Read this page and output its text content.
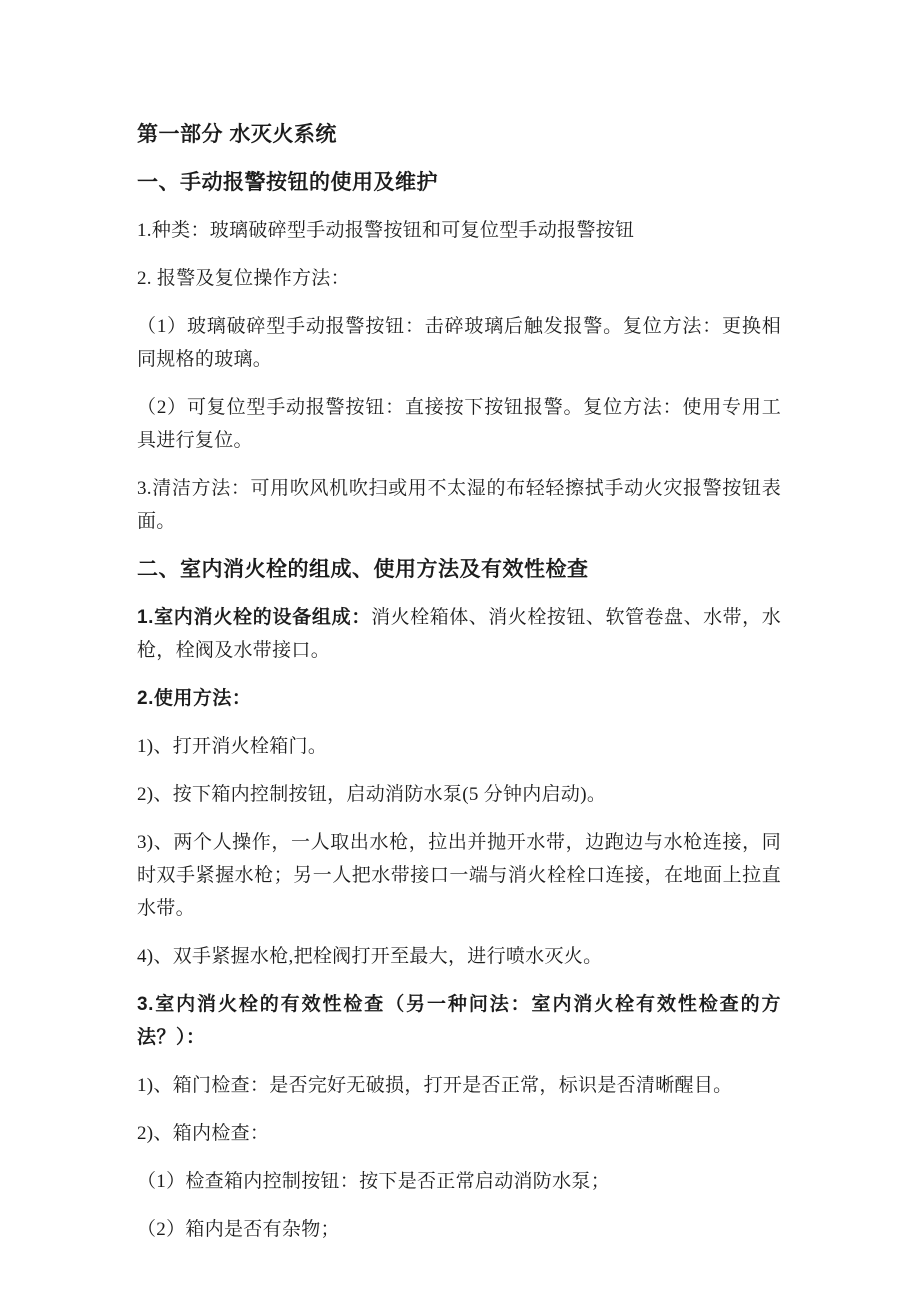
第一部分 水灭火系统
一、手动报警按钮的使用及维护
1.种类：玻璃破碎型手动报警按钮和可复位型手动报警按钮
2. 报警及复位操作方法：
（1）玻璃破碎型手动报警按钮：击碎玻璃后触发报警。复位方法：更换相同规格的玻璃。
（2）可复位型手动报警按钮：直接按下按钮报警。复位方法：使用专用工具进行复位。
3.清洁方法：可用吹风机吹扫或用不太湿的布轻轻擦拭手动火灾报警按钮表面。
二、室内消火栓的组成、使用方法及有效性检查
1.室内消火栓的设备组成：消火栓箱体、消火栓按钮、软管卷盘、水带，水枪，栓阀及水带接口。
2.使用方法：
1)、打开消火栓箱门。
2)、按下箱内控制按钮，启动消防水泵(5 分钟内启动)。
3)、两个人操作，一人取出水枪，拉出并抛开水带，边跑边与水枪连接，同时双手紧握水枪；另一人把水带接口一端与消火栓栓口连接，在地面上拉直水带。
4)、双手紧握水枪,把栓阀打开至最大，进行喷水灭火。
3.室内消火栓的有效性检查（另一种问法：室内消火栓有效性检查的方法？）：
1)、箱门检查：是否完好无破损，打开是否正常，标识是否清晰醒目。
2)、箱内检查：
（1）检查箱内控制按钮：按下是否正常启动消防水泵；
（2）箱内是否有杂物；
